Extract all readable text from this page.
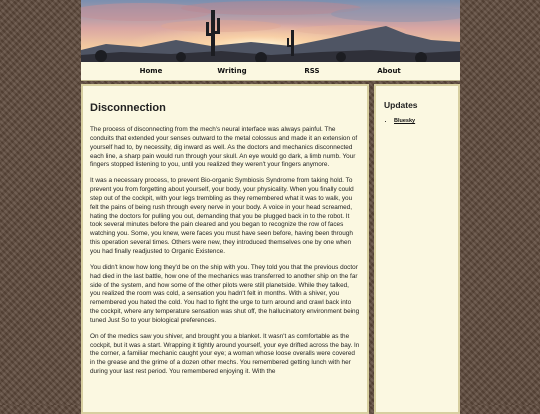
Home	Writing	RSS	About
Disconnection

The process of disconnecting from the mech's neural interface was always painful. The conduits that extended your senses outward to the metal colossus and made it an extension of yourself had to, by necessity, dig inward as well. As the doctors and mechanics disconnected each line, a sharp pain would run through your skull. An eye would go dark, a limb numb. Your fingers stopped listening to you, until you realized they weren't your fingers anymore.

It was a necessary process, to prevent Bio-organic Symbiosis Syndrome from taking hold. To prevent you from forgetting about yourself, your body, your physicality. When you finally could step out of the cockpit, with your legs trembling as they remembered what it was to walk, you felt the pains of being rush through every nerve in your body. A voice in your head screamed, hating the doctors for pulling you out, demanding that you be plugged back in to the robot. It took several minutes before the pain cleared and you began to recognize the row of faces watching you. Some, you knew, were faces you must have seen before, having been through this operation several times. Others were new, they introduced themselves one by one when you had finally readjusted to Organic Existence.

You didn't know how long they'd be on the ship with you. They told you that the previous doctor had died in the last battle, how one of the mechanics was transferred to another ship on the far side of the system, and how some of the other pilots were still planetside. While they talked, you realized the room was cold, a sensation you hadn't felt in months. With a shiver, you remembered you hated the cold. You had to fight the urge to turn around and crawl back into the cockpit, where any temperature sensation was shut off, the hallucinatory environment being tuned Just So to your biological preferences.

On of the medics saw you shiver, and brought you a blanket. It wasn't as comfortable as the cockpit, but it was a start. Wrapping it tightly around yourself, your eye drifted across the bay. In the corner, a familiar mechanic caught your eye; a woman whose loose overalls were covered in the grease and the grime of a dozen other mechs. You remembered getting lunch with her during your last rest period. You remembered enjoying it. With the

Updates
• Bluesky
